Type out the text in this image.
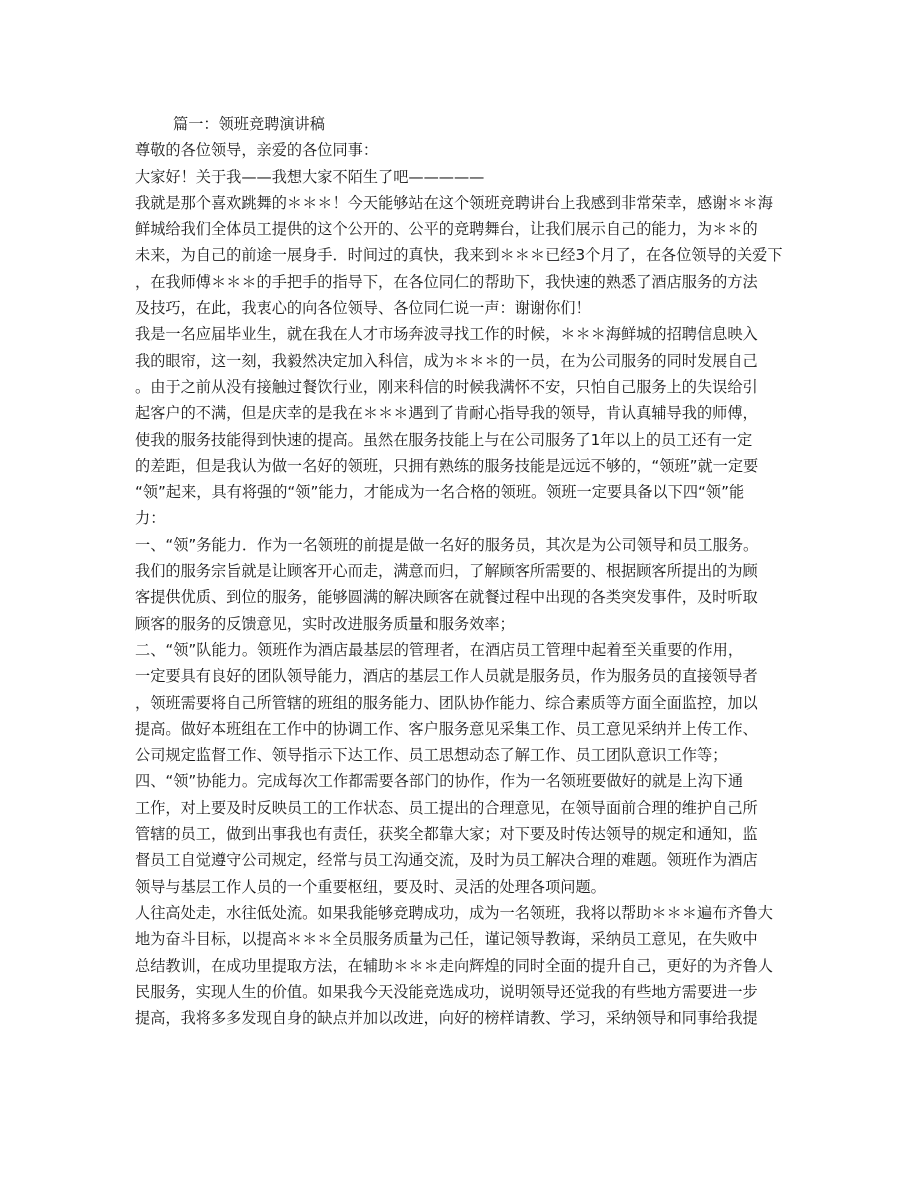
篇一：领班竞聘演讲稿
尊敬的各位领导，亲爱的各位同事：
大家好！关于我——我想大家不陌生了吧—————
我就是那个喜欢跳舞的＊＊＊！今天能够站在这个领班竞聘讲台上我感到非常荣幸，感谢＊＊海
鲜城给我们全体员工提供的这个公开的、公平的竞聘舞台，让我们展示自己的能力，为＊＊的
未来，为自己的前途一展身手．时间过的真快，我来到＊＊＊已经3个月了，在各位领导的关爱下
，在我师傅＊＊＊的手把手的指导下，在各位同仁的帮助下，我快速的熟悉了酒店服务的方法
及技巧，在此，我衷心的向各位领导、各位同仁说一声：谢谢你们！
我是一名应届毕业生，就在我在人才市场奔波寻找工作的时候，＊＊＊海鲜城的招聘信息映入
我的眼帘，这一刻，我毅然决定加入科信，成为＊＊＊的一员，在为公司服务的同时发展自己
。由于之前从没有接触过餐饮行业，刚来科信的时候我满怀不安，只怕自己服务上的失误给引
起客户的不满，但是庆幸的是我在＊＊＊遇到了肯耐心指导我的领导，肯认真辅导我的师傅，
使我的服务技能得到快速的提高。虽然在服务技能上与在公司服务了1年以上的员工还有一定
的差距，但是我认为做一名好的领班，只拥有熟练的服务技能是远远不够的，“领班”就一定要
“领”起来，具有将强的“领”能力，才能成为一名合格的领班。领班一定要具备以下四“领”能
力：
一、“领”务能力．作为一名领班的前提是做一名好的服务员，其次是为公司领导和员工服务。
我们的服务宗旨就是让顾客开心而走，满意而归，了解顾客所需要的、根据顾客所提出的为顾
客提供优质、到位的服务，能够圆满的解决顾客在就餐过程中出现的各类突发事件，及时听取
顾客的服务的反馈意见，实时改进服务质量和服务效率；
二、“领”队能力。领班作为酒店最基层的管理者，在酒店员工管理中起着至关重要的作用，
一定要具有良好的团队领导能力，酒店的基层工作人员就是服务员，作为服务员的直接领导者
，领班需要将自己所管辖的班组的服务能力、团队协作能力、综合素质等方面全面监控，加以
提高。做好本班组在工作中的协调工作、客户服务意见采集工作、员工意见采纳并上传工作、
公司规定监督工作、领导指示下达工作、员工思想动态了解工作、员工团队意识工作等；
四、“领”协能力。完成每次工作都需要各部门的协作，作为一名领班要做好的就是上沟下通
工作，对上要及时反映员工的工作状态、员工提出的合理意见，在领导面前合理的维护自己所
管辖的员工，做到出事我也有责任，获奖全都靠大家；对下要及时传达领导的规定和通知，监
督员工自觉遵守公司规定，经常与员工沟通交流，及时为员工解决合理的难题。领班作为酒店
领导与基层工作人员的一个重要枢纽，要及时、灵活的处理各项问题。
人往高处走，水往低处流。如果我能够竞聘成功，成为一名领班，我将以帮助＊＊＊遍布齐鲁大
地为奋斗目标，以提高＊＊＊全员服务质量为己任，谨记领导教诲，采纳员工意见，在失败中
总结教训，在成功里提取方法，在辅助＊＊＊走向辉煌的同时全面的提升自己，更好的为齐鲁人
民服务，实现人生的价值。如果我今天没能竞选成功，说明领导还觉我的有些地方需要进一步
提高，我将多多发现自身的缺点并加以改进，向好的榜样请教、学习，采纳领导和同事给我提
